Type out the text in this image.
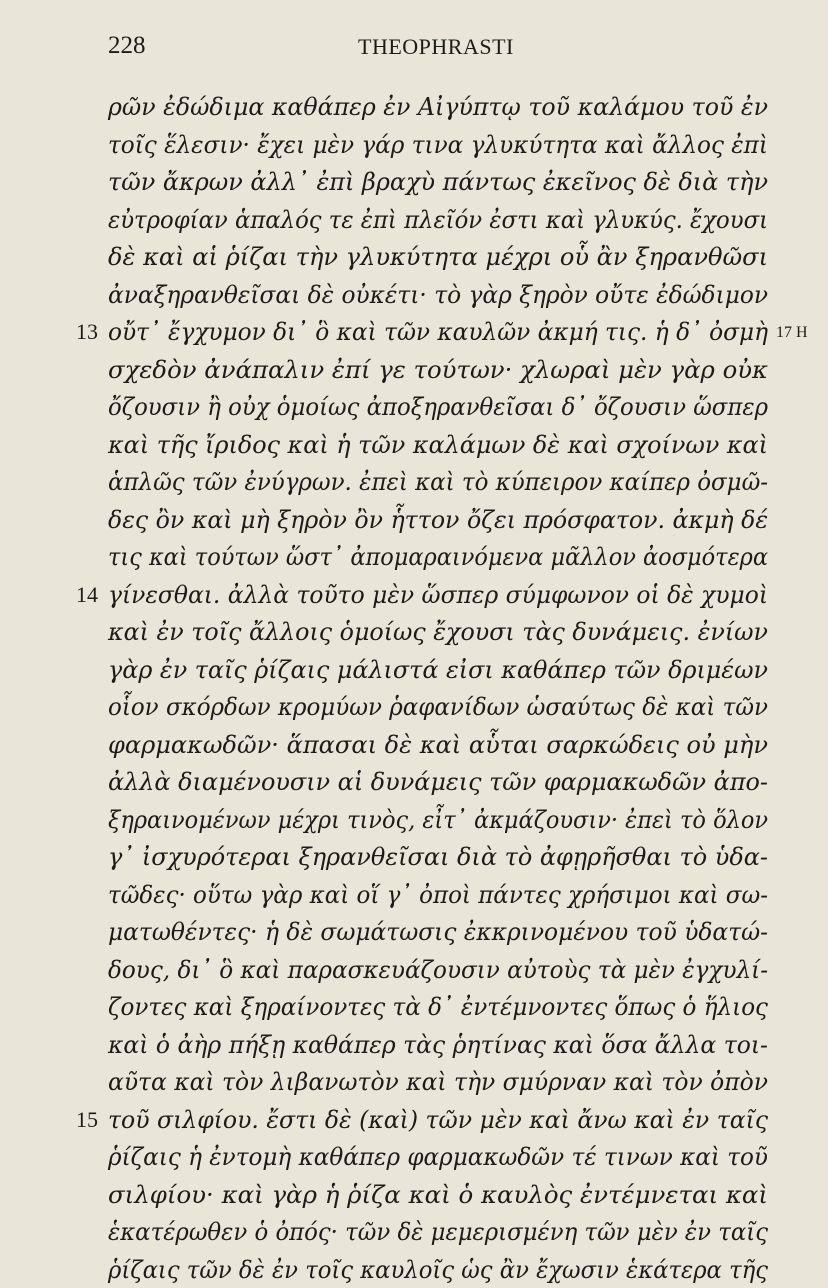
228	THEOPHRASTI
ρῶν ἐδώδιμα καθάπερ ἐν Αἰγύπτῳ τοῦ καλάμου τοῦ ἐν
τοῖς ἕλεσιν· ἔχει μὲν γάρ τινα γλυκύτητα καὶ ἄλλος ἐπὶ
τῶν ἄκρων ἀλλ᾽ ἐπὶ βραχὺ πάντως ἐκεῖνος δὲ διὰ τὴν
εὐτροφίαν ἁπαλός τε ἐπὶ πλεῖόν ἐστι καὶ γλυκύς. ἔχουσι
δὲ καὶ αἱ ῥίζαι τὴν γλυκύτητα μέχρι οὗ ἂν ξηρανθῶσι
ἀναξηρανθεῖσαι δὲ οὐκέτι· τὸ γὰρ ξηρὸν οὔτε ἐδώδιμον
13 οὔτ᾽ ἔγχυμον δι᾽ ὃ καὶ τῶν καυλῶν ἀκμή τις. ἡ δ᾽ ὀσμὴ 17 H
σχεδὸν ἀνάπαλιν ἐπί γε τούτων· χλωραὶ μὲν γὰρ οὐκ
ὄζουσιν ἢ οὐχ ὁμοίως ἀποξηρανθεῖσαι δ᾽ ὄζουσιν ὥσπερ
καὶ τῆς ἴριδος καὶ ἡ τῶν καλάμων δὲ καὶ σχοίνων καὶ
ἁπλῶς τῶν ἐνύγρων. ἐπεὶ καὶ τὸ κύπειρον καίπερ ὀσμῶ-
δες ὂν καὶ μὴ ξηρὸν ὂν ἧττον ὄζει πρόσφατον. ἀκμὴ δέ
τις καὶ τούτων ὥστ᾽ ἀπομαραινόμενα μᾶλλον ἀοσμότερα
14 γίνεσθαι. ἀλλὰ τοῦτο μὲν ὥσπερ σύμφωνον οἱ δὲ χυμοὶ
καὶ ἐν τοῖς ἄλλοις ὁμοίως ἔχουσι τὰς δυνάμεις. ἐνίων
γὰρ ἐν ταῖς ῥίζαις μάλιστά εἰσι καθάπερ τῶν δριμέων
οἷον σκόρδων κρομύων ῥαφανίδων ὡσαύτως δὲ καὶ τῶν
φαρμακωδῶν· ἅπασαι δὲ καὶ αὗται σαρκώδεις οὐ μὴν
ἀλλὰ διαμένουσιν αἱ δυνάμεις τῶν φαρμακωδῶν ἀπο-
ξηραινομένων μέχρι τινὸς, εἶτ᾽ ἀκμάζουσιν· ἐπεὶ τὸ ὅλον
γ᾽ ἰσχυρότεραι ξηρανθεῖσαι διὰ τὸ ἀφῃρῆσθαι τὸ ὑδα-
τῶδες· οὕτω γὰρ καὶ οἵ γ᾽ ὀποὶ πάντες χρήσιμοι καὶ σω-
ματωθέντες· ἡ δὲ σωμάτωσις ἐκκρινομένου τοῦ ὑδατώ-
δους, δι᾽ ὃ καὶ παρασκευάζουσιν αὐτοὺς τὰ μὲν ἐγχυλί-
ζοντες καὶ ξηραίνοντες τὰ δ᾽ ἐντέμνοντες ὅπως ὁ ἥλιος
καὶ ὁ ἀὴρ πήξῃ καθάπερ τὰς ῥητίνας καὶ ὅσα ἄλλα τοι-
αῦτα καὶ τὸν λιβανωτὸν καὶ τὴν σμύρναν καὶ τὸν ὀπὸν
15 τοῦ σιλφίου. ἔστι δὲ (καὶ) τῶν μὲν καὶ ἄνω καὶ ἐν ταῖς
ῥίζαις ἡ ἐντομὴ καθάπερ φαρμακωδῶν τέ τινων καὶ τοῦ
σιλφίου· καὶ γὰρ ἡ ῥίζα καὶ ὁ καυλὸς ἐντέμνεται καὶ
ἑκατέρωθεν ὁ ὀπός· τῶν δὲ μεμερισμένη τῶν μὲν ἐν ταῖς
ῥίζαις τῶν δὲ ἐν τοῖς καυλοῖς ὡς ἂν ἔχωσιν ἑκάτερα τῆς
